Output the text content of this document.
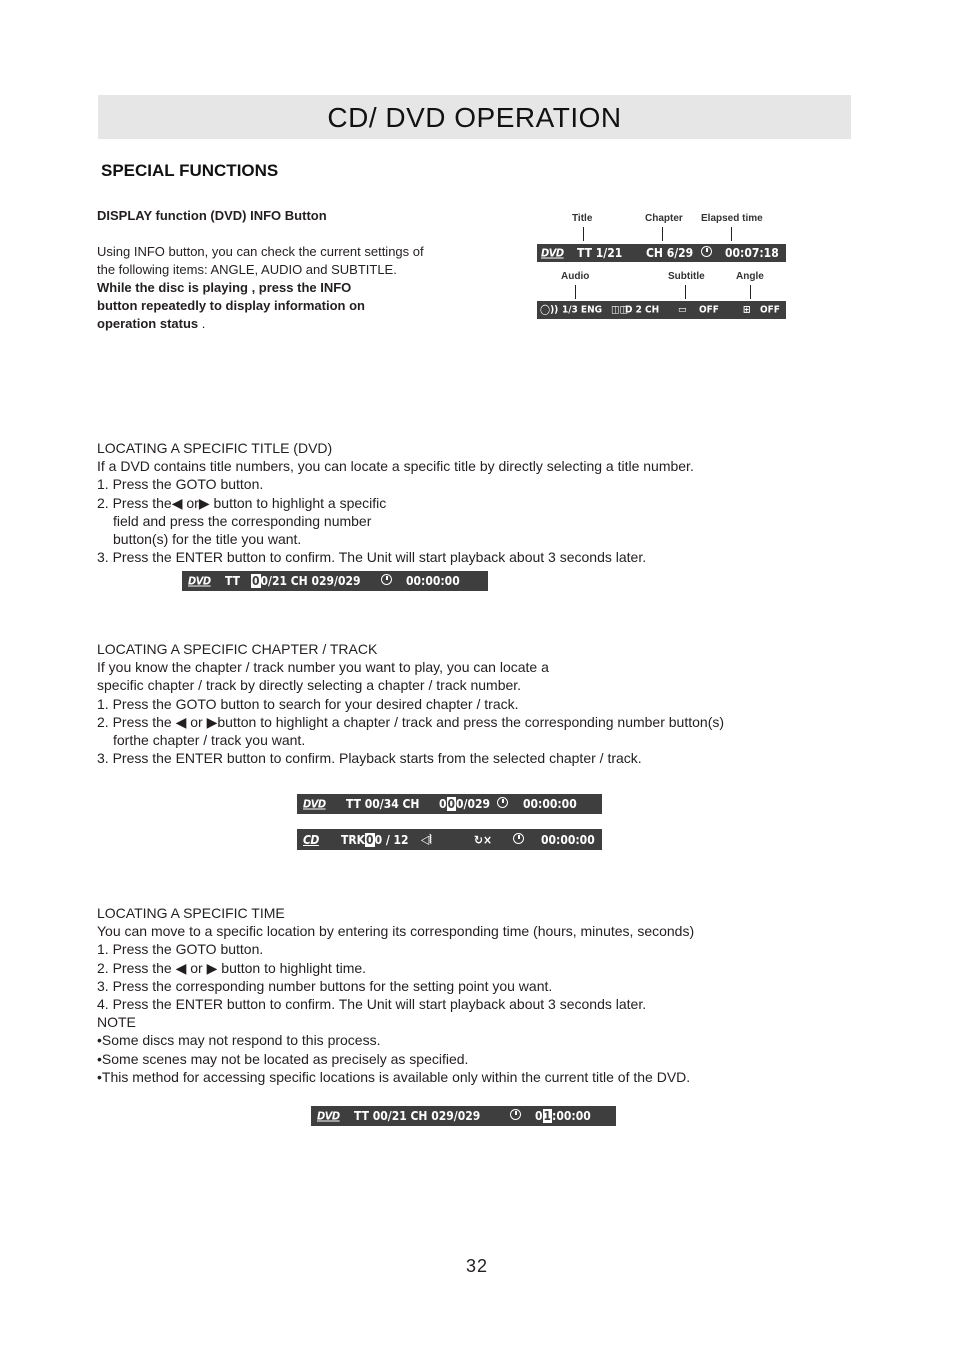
CD/ DVD OPERATION
SPECIAL FUNCTIONS
DISPLAY function (DVD) INFO Button
Using INFO button, you can check the current settings of
the following items: ANGLE, AUDIO and SUBTITLE.
While the disc is playing , press the INFO
button repeatedly to display information on
operation status .
Title	Chapter Elapsed time
DVD TT 1/21 CH 6/29	00:07:18
Audio	Subtitle	Angle
◯)) 1/3 ENG ◫◫
D 2 CH ▭ OFF ⊞ OFF

LOCATING A SPECIFIC TITLE (DVD)

If a DVD contains title numbers, you can locate a specific title by directly selecting a title number.

1. Press the GOTO button.

2. Press the◀ or▶ button to highlight a specific

field and press the corresponding number

button(s) for the title you want.

3. Press the ENTER button to confirm. The Unit will start playback about 3 seconds later.

DVD TT 00/21 CH 029/029	00:00:00

LOCATING A SPECIFIC CHAPTER / TRACK

If you know the chapter / track number you want to play, you can locate a

specific chapter / track by directly selecting a chapter / track number.

1. Press the GOTO button to search for your desired chapter / track.

2. Press the ◀ or ▶button to highlight a chapter / track and press the corresponding number button(s)

forthe chapter / track you want.

3. Press the ENTER button to confirm. Playback starts from the selected chapter / track.

DVD TT 00/34 CH 000/029	00:00:00
CD TRK00 / 12 ◁⦚	↻×	00:00:00

LOCATING A SPECIFIC TIME

You can move to a specific location by entering its corresponding time (hours, minutes, seconds)

1. Press the GOTO button.

2. Press the ◀ or ▶ button to highlight time.

3. Press the corresponding number buttons for the setting point you want.

4. Press the ENTER button to confirm. The Unit will start playback about 3 seconds later.

NOTE

•Some discs may not respond to this process.

•Some scenes may not be located as precisely as specified.

•This method for accessing specific locations is available only within the current title of the DVD.

DVD TT 00/21 CH 029/029	01:00:00
32
